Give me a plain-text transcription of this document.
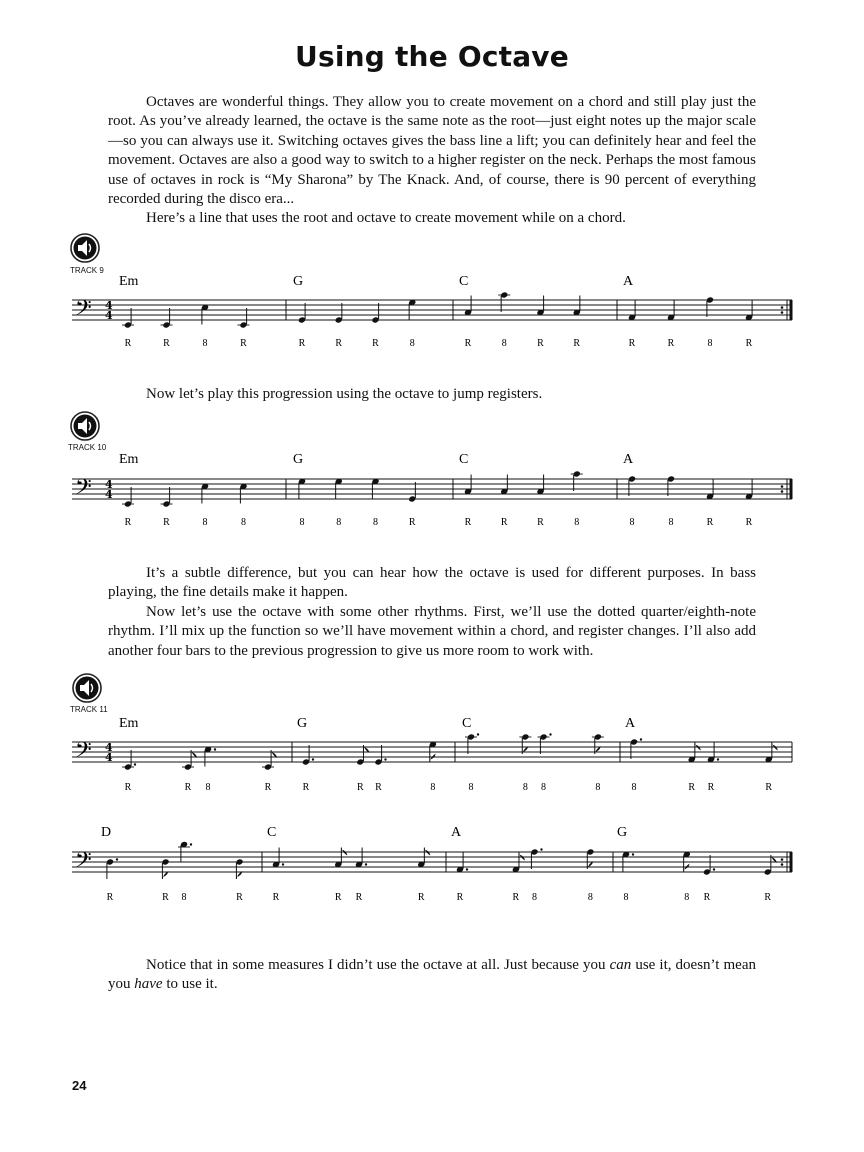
Using the Octave

Octaves are wonderful things. They allow you to create movement on a chord and still play just the root. As you’ve already learned, the octave is the same note as the root—just eight notes up the major scale—so you can always use it. Switching octaves gives the bass line a lift; you can definitely hear and feel the movement. Octaves are also a good way to switch to a higher register on the neck. Perhaps the most famous use of octaves in rock is “My Sharona” by The Knack. And, of course, there is 90 percent of everything recorded during the disco era...

Here’s a line that uses the root and octave to create movement while on a chord.

TRACK 9

Now let’s play this progression using the octave to jump registers.

TRACK 10

It’s a subtle difference, but you can hear how the octave is used for different purposes. In bass playing, the fine details make it happen.

Now let’s use the octave with some other rhythms. First, we’ll use the dotted quarter/eighth-note rhythm. I’ll mix up the function so we’ll have movement within a chord, and register changes. I’ll also add another four bars to the previous progression to give us more room to work with.

TRACK 11

Notice that in some measures I didn’t use the octave at all. Just because you can use it, doesn’t mean you have to use it.

𝄢 4
4
Em
R	R	8	R
G
R	R	R	8
C
R	8	R	R
A
R	R	8	R
𝄢 4
4
Em
R	R	8	8
G
8	8	8	R
C
R	R	R	8
A
8	8	R	R
𝄢 4
4
Em
R	R 8	R
G
R	R R	8
C
8	8 8	8
A
8	R R	R
𝄢
D
R	R 8	R
C
R	R R	R
A
R	R 8	8
G
8	8 R	R
24
